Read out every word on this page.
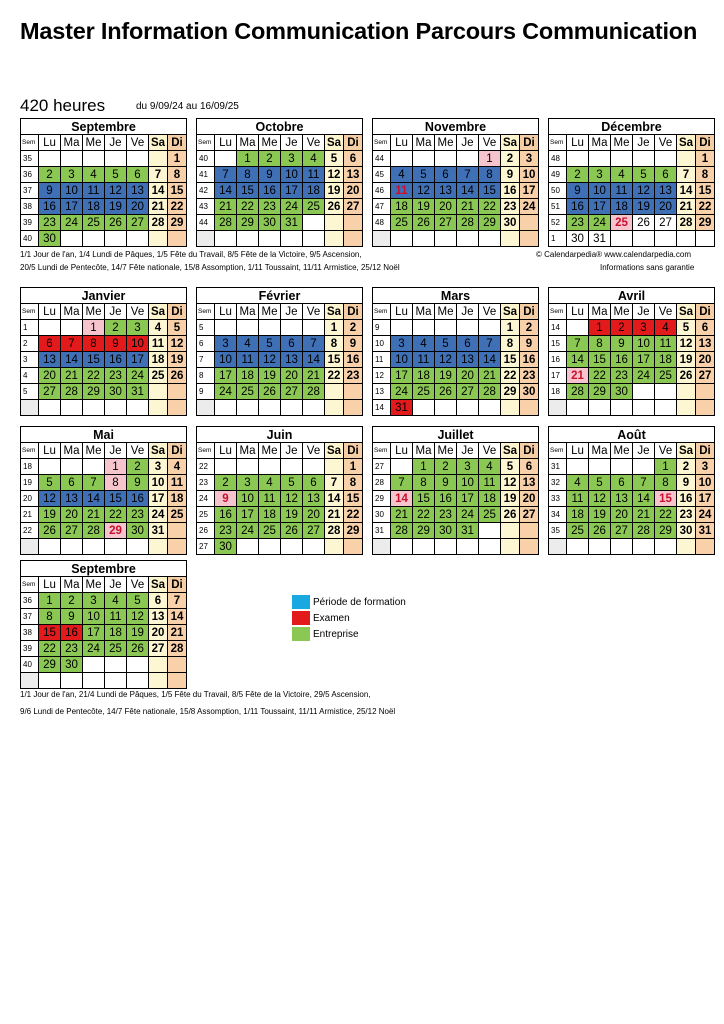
Master Information Communication Parcours Communication
420 heures	du 9/09/24 au 16/09/25
1/1 Jour de l'an, 1/4 Lundi de Pâques, 1/5 Fête du Travail, 8/5 Fête de la Victoire, 9/5 Ascension,
20/5 Lundi de Pentecôte, 14/7 Fête nationale, 15/8 Assomption, 1/11 Toussaint, 11/11 Armistice, 25/12 Noël
© Calendarpedia® www.calendarpedia.com
Informations sans garantie
1/1 Jour de l'an, 21/4 Lundi de Pâques, 1/5 Fête du Travail, 8/5 Fête de la Victoire, 29/5 Ascension,
9/6 Lundi de Pentecôte, 14/7 Fête nationale, 15/8 Assomption, 1/11 Toussaint, 11/11 Armistice, 25/12 Noël
Septembre							
Sem	Lu	Ma	Me	Je	Ve	Sa	Di
35							1
36	2	3	4	5	6	7	8
37	9	10	11	12	13	14	15
38	16	17	18	19	20	21	22
39	23	24	25	26	27	28	29
40	30						
Octobre							
Sem	Lu	Ma	Me	Je	Ve	Sa	Di
40		1	2	3	4	5	6
41	7	8	9	10	11	12	13
42	14	15	16	17	18	19	20
43	21	22	23	24	25	26	27
44	28	29	30	31			

Novembre							
Sem	Lu	Ma	Me	Je	Ve	Sa	Di
44					1	2	3
45	4	5	6	7	8	9	10
46	11	12	13	14	15	16	17
47	18	19	20	21	22	23	24
48	25	26	27	28	29	30	

Décembre							
Sem	Lu	Ma	Me	Je	Ve	Sa	Di
48							1
49	2	3	4	5	6	7	8
50	9	10	11	12	13	14	15
51	16	17	18	19	20	21	22
52	23	24	25	26	27	28	29
1	30	31					
Janvier							
Sem	Lu	Ma	Me	Je	Ve	Sa	Di
1			1	2	3	4	5
2	6	7	8	9	10	11	12
3	13	14	15	16	17	18	19
4	20	21	22	23	24	25	26
5	27	28	29	30	31		

Février							
Sem	Lu	Ma	Me	Je	Ve	Sa	Di
5						1	2
6	3	4	5	6	7	8	9
7	10	11	12	13	14	15	16
8	17	18	19	20	21	22	23
9	24	25	26	27	28		

Mars							
Sem	Lu	Ma	Me	Je	Ve	Sa	Di
9						1	2
10	3	4	5	6	7	8	9
11	10	11	12	13	14	15	16
12	17	18	19	20	21	22	23
13	24	25	26	27	28	29	30
14	31						
Avril							
Sem	Lu	Ma	Me	Je	Ve	Sa	Di
14		1	2	3	4	5	6
15	7	8	9	10	11	12	13
16	14	15	16	17	18	19	20
17	21	22	23	24	25	26	27
18	28	29	30				

Mai							
Sem	Lu	Ma	Me	Je	Ve	Sa	Di
18				1	2	3	4
19	5	6	7	8	9	10	11
20	12	13	14	15	16	17	18
21	19	20	21	22	23	24	25
22	26	27	28	29	30	31	

Juin							
Sem	Lu	Ma	Me	Je	Ve	Sa	Di
22							1
23	2	3	4	5	6	7	8
24	9	10	11	12	13	14	15
25	16	17	18	19	20	21	22
26	23	24	25	26	27	28	29
27	30						
Juillet							
Sem	Lu	Ma	Me	Je	Ve	Sa	Di
27		1	2	3	4	5	6
28	7	8	9	10	11	12	13
29	14	15	16	17	18	19	20
30	21	22	23	24	25	26	27
31	28	29	30	31			

Août							
Sem	Lu	Ma	Me	Je	Ve	Sa	Di
31					1	2	3
32	4	5	6	7	8	9	10
33	11	12	13	14	15	16	17
34	18	19	20	21	22	23	24
35	25	26	27	28	29	30	31

Septembre							
Sem	Lu	Ma	Me	Je	Ve	Sa	Di
36	1	2	3	4	5	6	7
37	8	9	10	11	12	13	14
38	15	16	17	18	19	20	21
39	22	23	24	25	26	27	28
40	29	30					

Période de formation
Examen
Entreprise
